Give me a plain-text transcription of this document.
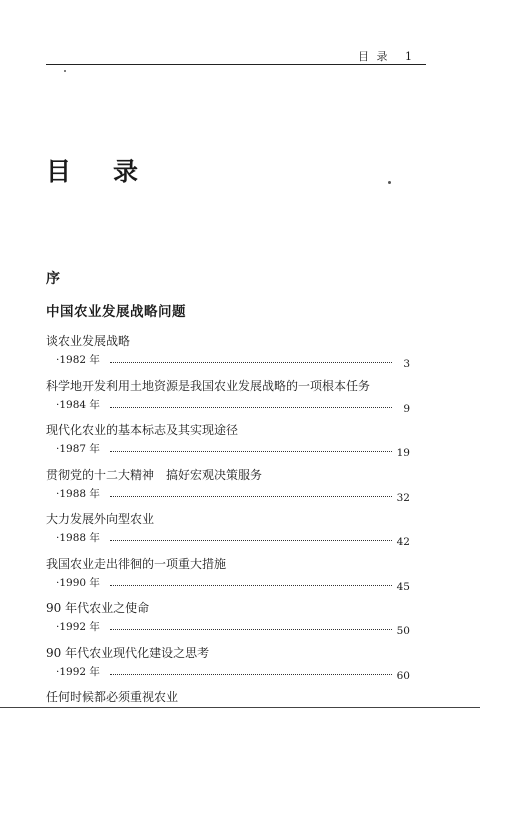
目 录 1
目录
序
中国农业发展战略问题
谈农业发展战略
·1982 年	3
科学地开发利用土地资源是我国农业发展战略的一项根本任务
·1984 年	9
现代化农业的基本标志及其实现途径
·1987 年	19
贯彻党的十二大精神　搞好宏观决策服务
·1988 年	32
大力发展外向型农业
·1988 年	42
我国农业走出徘徊的一项重大措施
·1990 年	45
90 年代农业之使命
·1992 年	50
90 年代农业现代化建设之思考
·1992 年	60
任何时候都必须重视农业
